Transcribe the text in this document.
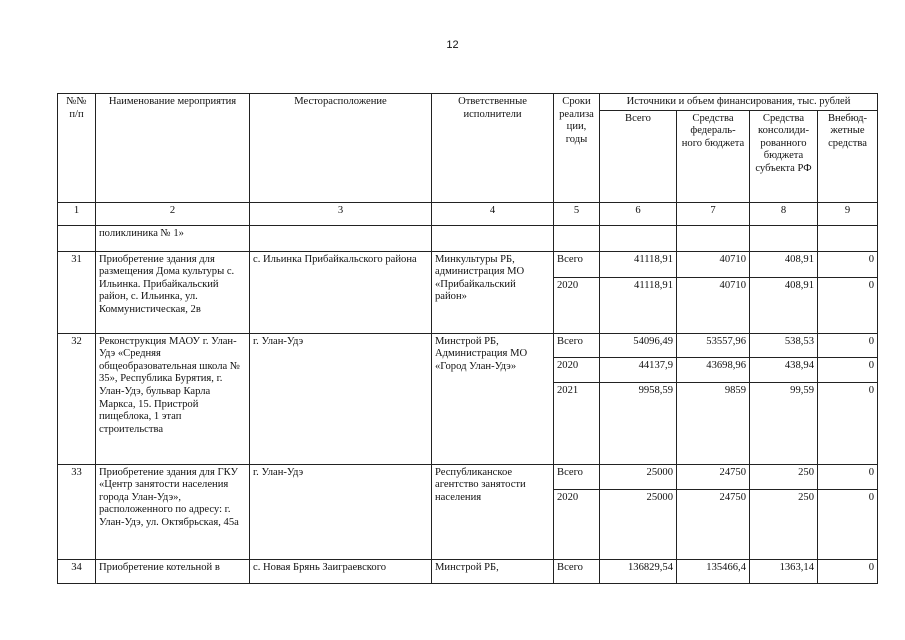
12
№№ п/п	Наименование мероприятия	Месторасположение	Ответственные исполнители	Сроки реализа ции, годы	Источники и объем финансирования, тыс. рублей			
					Всего	Средства федераль- ного бюджета	Средства консолиди- рованного бюджета субъекта РФ	Внебюд- жетные средства
1	2	3	4	5	6	7	8	9
	поликлиника № 1»							
31	Приобретение здания для размещения Дома культуры с. Ильинка. Прибайкальский район, с. Ильинка, ул. Коммунистическая, 2в	с. Ильинка Прибайкальского района	Минкультуры РБ, администрация МО «Прибайкальский район»	Всего	41118,91	40710	408,91	0
				2020	41118,91	40710	408,91	0
32	Реконструкция МАОУ г. Улан-Удэ «Средняя общеобразовательная школа № 35», Республика Бурятия, г. Улан-Удэ, бульвар Карла Маркса, 15. Пристрой пищеблока, 1 этап строительства	г. Улан-Удэ	Минстрой РБ, Администрация МО «Город Улан-Удэ»	Всего	54096,49	53557,96	538,53	0
				2020	44137,9	43698,96	438,94	0
				2021	9958,59	9859	99,59	0
33	Приобретение здания для ГКУ «Центр занятости населения города Улан-Удэ», расположенного по адресу: г. Улан-Удэ, ул. Октябрьская, 45а	г. Улан-Удэ	Республиканское агентство занятости населения	Всего	25000	24750	250	0
				2020	25000	24750	250	0
34	Приобретение котельной в	с. Новая Брянь Заиграевского	Минстрой РБ,	Всего	136829,54	135466,4	1363,14	0
